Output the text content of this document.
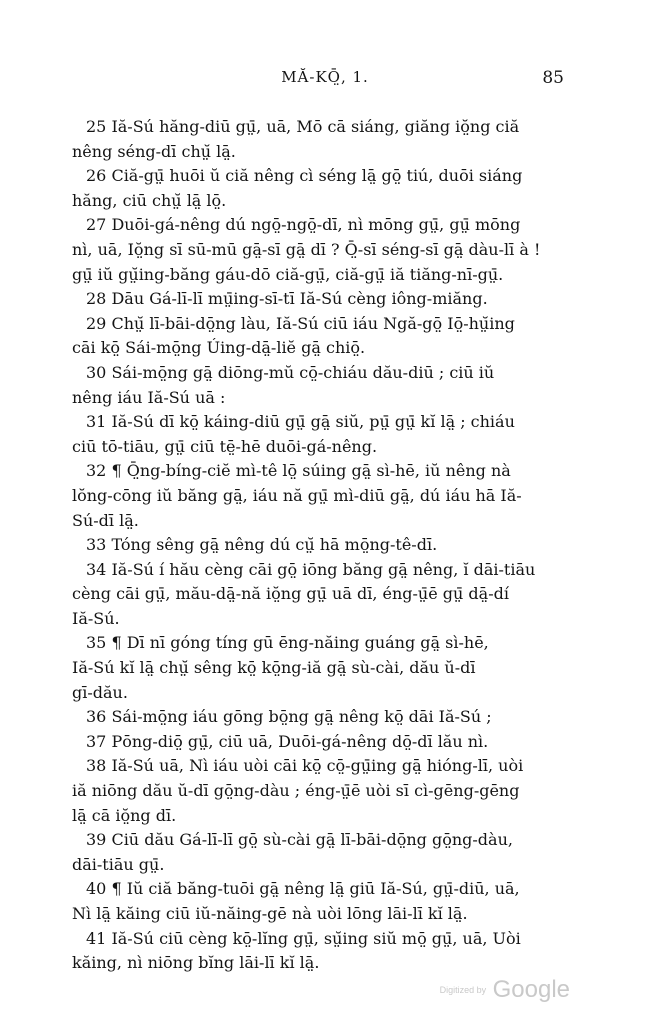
MĂ-KŌ̤, 1.	85

25 Iă-Sú hăng-diū gṳ̄, uā, Mō cā siáng, giăng iŏ̤ng ciă
nêng séng-dī chṳ̆ lā̤.

26 Ciă-gṳ̄ huōi ŭ ciă nêng cì séng lā̤ gō̤ tiú, duōi siáng
hăng, ciū chṳ̆ lā̤ lō̤.

27 Duōi-gá-nêng dú ngō̤-ngō̤-dī, nì mōng gṳ̄, gṳ̄ mōng
nì, uā, Iŏ̤ng sī sū-mū gā̤-sī gā̤ dī ? Ō̤-sī séng-sī gā̤ dàu-lī à !
gṳ̄ iŭ gṳ̆ing-băng gáu-dō ciă-gṳ̄, ciă-gṳ̄ iă tiăng-nī-gṳ̄.

28 Dāu Gá-lī-lī mṳ̄ing-sī-tī Iă-Sú cèng iông-miăng.

29 Chṳ̆ lī-bāi-dō̤ng làu, Iă-Sú ciū iáu Ngă-gō̤ Iō̤-hṳ̆ing
cāi kō̤ Sái-mō̤ng Úing-dā̤-liĕ gā̤ chiō̤.

30 Sái-mō̤ng gā̤ diōng-mŭ cō̤-chiáu dău-diū ; ciū iŭ
nêng iáu Iă-Sú uā :

31 Iă-Sú dī kō̤ káing-diū gṳ̄ gā̤ siŭ, pṳ̄ gṳ̄ kĭ lā̤ ; chiáu
ciū tō-tiāu, gṳ̄ ciū tē̤-hē duōi-gá-nêng.

32 ¶ Ō̤ng-bíng-ciĕ mì-tê lō̤ súing gā̤ sì-hē, iŭ nêng nà
lŏng-cōng iŭ băng gā̤, iáu nă gṳ̄ mì-diū gā̤, dú iáu hā Iă-
Sú-dī lā̤.

33 Tóng sêng gā̤ nêng dú cṳ̆ hā mō̤ng-tê-dī.

34 Iă-Sú í hău cèng cāi gō̤ iōng băng gā̤ nêng, ĭ dāi-tiāu
cèng cāi gṳ̄, mău-dā̤-nă iŏ̤ng gṳ̄ uā dī, éng-ṳ̄ē gṳ̄ dā̤-dí
Iă-Sú.

35 ¶ Dī nī góng tíng gū ēng-năing guáng gā̤ sì-hē,
Iă-Sú kĭ lā̤ chṳ̆ sêng kō̤ kō̤ng-iă gā̤ sù-cài, dău ŭ-dī
gī-dău.

36 Sái-mō̤ng iáu gōng bō̤ng gā̤ nêng kō̤ dāi Iă-Sú ;

37 Pōng-diō̤ gṳ̄, ciū uā, Duōi-gá-nêng dō̤-dī lău nì.

38 Iă-Sú uā, Nì iáu uòi cāi kō̤ cō̤-gṳ̄ing gā̤ hióng-lī, uòi
iă niōng dău ŭ-dī gō̤ng-dàu ; éng-ṳ̄ē uòi sī cì-gēng-gēng
lā̤ cā iŏ̤ng dī.

39 Ciū dău Gá-lī-lī gō̤ sù-cài gā̤ lī-bāi-dō̤ng gō̤ng-dàu,
dāi-tiāu gṳ̄.

40 ¶ Iŭ ciă băng-tuōi gā̤ nêng lā̤ giū Iă-Sú, gṳ̄-diū, uā,
Nì lā̤ kăing ciū iŭ-năing-gē nà uòi lōng lāi-lī kĭ lā̤.

41 Iă-Sú ciū cèng kō̤-lĭng gṳ̄, sṳ̆ing siŭ mō̤ gṳ̄, uā, Uòi
kăing, nì niōng bĭng lāi-lī kĭ lā̤.

$^{Digitized by}$ Google
